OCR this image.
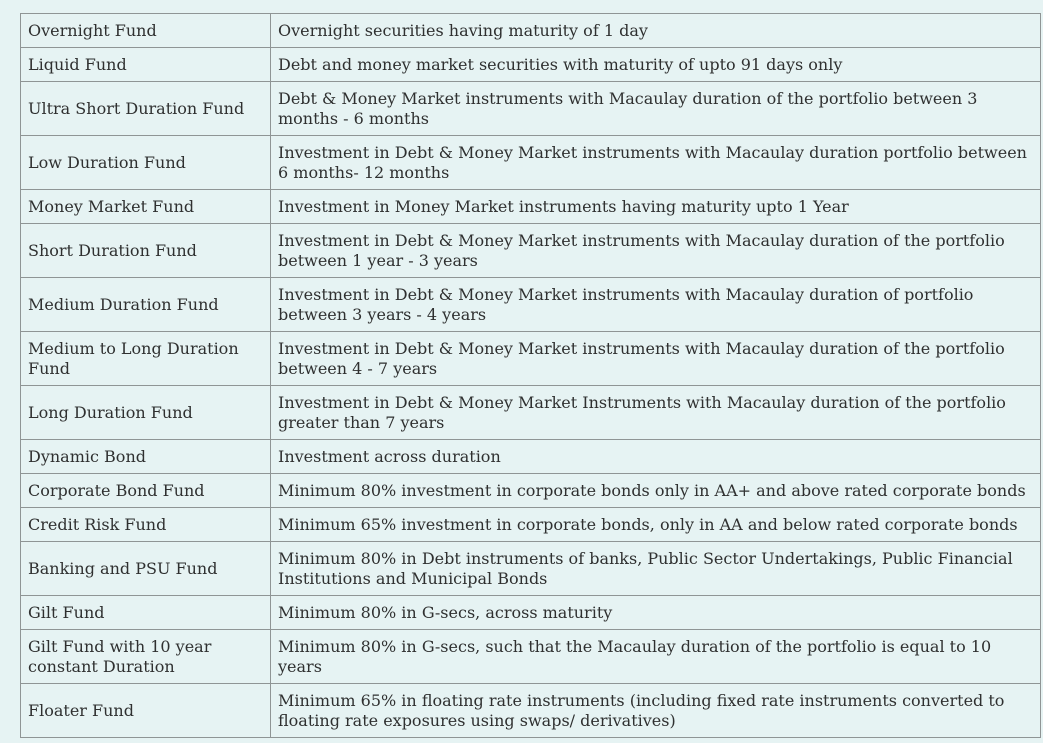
Overnight Fund	Overnight securities having maturity of 1 day
Liquid Fund	Debt and money market securities with maturity of upto 91 days only
Ultra Short Duration Fund	Debt & Money Market instruments with Macaulay duration of the portfolio between 3 months - 6 months
Low Duration Fund	Investment in Debt & Money Market instruments with Macaulay duration portfolio between 6 months- 12 months
Money Market Fund	Investment in Money Market instruments having maturity upto 1 Year
Short Duration Fund	Investment in Debt & Money Market instruments with Macaulay duration of the portfolio between 1 year - 3 years
Medium Duration Fund	Investment in Debt & Money Market instruments with Macaulay duration of portfolio between 3 years - 4 years
Medium to Long Duration Fund	Investment in Debt & Money Market instruments with Macaulay duration of the portfolio between 4 - 7 years
Long Duration Fund	Investment in Debt & Money Market Instruments with Macaulay duration of the portfolio greater than 7 years
Dynamic Bond	Investment across duration
Corporate Bond Fund	Minimum 80% investment in corporate bonds only in AA+ and above rated corporate bonds
Credit Risk Fund	Minimum 65% investment in corporate bonds, only in AA and below rated corporate bonds
Banking and PSU Fund	Minimum 80% in Debt instruments of banks, Public Sector Undertakings, Public Financial Institutions and Municipal Bonds
Gilt Fund	Minimum 80% in G-secs, across maturity
Gilt Fund with 10 year constant Duration	Minimum 80% in G-secs, such that the Macaulay duration of the portfolio is equal to 10 years
Floater Fund	Minimum 65% in floating rate instruments (including fixed rate instruments converted to floating rate exposures using swaps/ derivatives)
